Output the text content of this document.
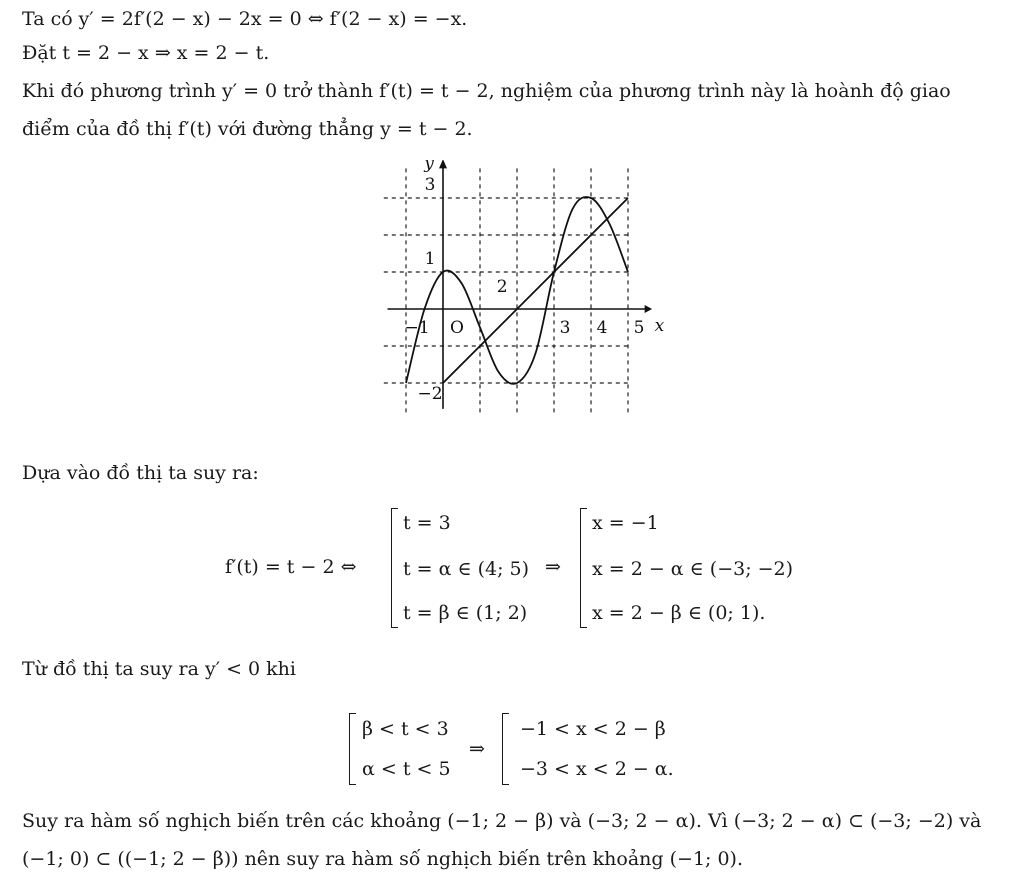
Ta có y′ = 2f′(2 − x) − 2x = 0 ⇔ f′(2 − x) = −x.
Đặt t = 2 − x ⇒ x = 2 − t.
Khi đó phương trình y′ = 0 trở thành f′(t) = t − 2, nghiệm của phương trình này là hoành độ giao
điểm của đồ thị f′(t) với đường thẳng y = t − 2.
−1	3 4 5
3
1
−2
O	x
y
2
Dựa vào đồ thị ta suy ra:
f′(t) = t − 2 ⇔
t = 3
t = α ∈ (4; 5)
t = β ∈ (1; 2)
⇒
x = −1
x = 2 − α ∈ (−3; −2)
x = 2 − β ∈ (0; 1).
Từ đồ thị ta suy ra y′ < 0 khi
β < t < 3
α < t < 5
⇒
−1 < x < 2 − β
−3 < x < 2 − α.
Suy ra hàm số nghịch biến trên các khoảng (−1; 2 − β) và (−3; 2 − α). Vì (−3; 2 − α) ⊂ (−3; −2) và
(−1; 0) ⊂ ((−1; 2 − β)) nên suy ra hàm số nghịch biến trên khoảng (−1; 0).
